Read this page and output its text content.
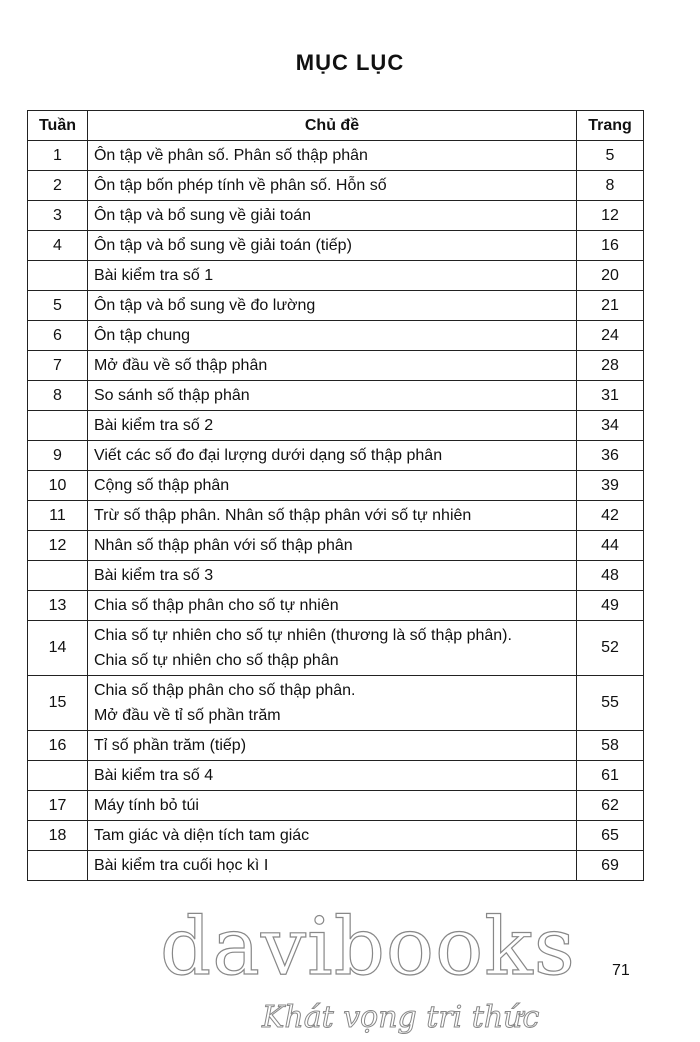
MỤC LỤC
Tuần	Chủ đề	Trang
1	Ôn tập về phân số. Phân số thập phân	5
2	Ôn tập bốn phép tính về phân số. Hỗn số	8
3	Ôn tập và bổ sung về giải toán	12
4	Ôn tập và bổ sung về giải toán (tiếp)	16

	Bài kiểm tra số 1	20
5	Ôn tập và bổ sung về đo lường	21
6	Ôn tập chung	24
7	Mở đầu về số thập phân	28
8	So sánh số thập phân	31

	Bài kiểm tra số 2	34
9	Viết các số đo đại lượng dưới dạng số thập phân	36
10	Cộng số thập phân	39
11	Trừ số thập phân. Nhân số thập phân với số tự nhiên	42
12	Nhân số thập phân với số thập phân	44

	Bài kiểm tra số 3	48
13	Chia số thập phân cho số tự nhiên	49
14	Chia số tự nhiên cho số tự nhiên (thương là số thập phân).
Chia số tự nhiên cho số thập phân	52
15	Chia số thập phân cho số thập phân.
Mở đầu về tỉ số phần trăm	55
16	Tỉ số phần trăm (tiếp)	58

	Bài kiểm tra số 4	61
17	Máy tính bỏ túi	62
18	Tam giác và diện tích tam giác	65

	Bài kiểm tra cuối học kì I	69
71
davibooks
Khát vọng tri thức
